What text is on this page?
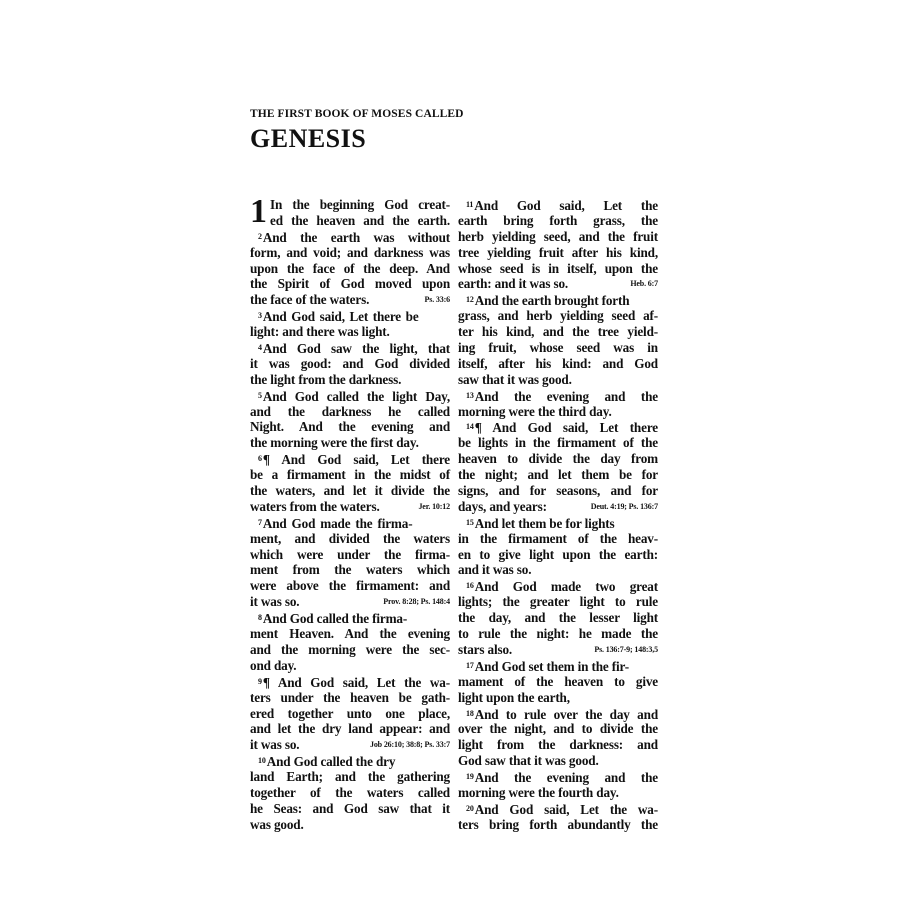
THE FIRST BOOK OF MOSES CALLED

GENESIS
1 In the beginning God creat-
ed the heaven and the earth.
$^2$And the earth was without
form, and void; and darkness was
upon the face of the deep. And
the Spirit of God moved upon
the face of the waters.	Ps. 33:6
$^3$And God said, Let there be
light: and there was light.
$^4$And God saw the light, that
it was good: and God divided
the light from the darkness.
$^5$And God called the light Day,
and the darkness he called
Night. And the evening and
the morning were the first day.
$^6$¶ And God said, Let there
be a firmament in the midst of
the waters, and let it divide the
waters from the waters.	Jer. 10:12
$^7$And God made the firma-
ment, and divided the waters
which were under the firma-
ment from the waters which
were above the firmament: and
it was so.	Prov. 8:28; Ps. 148:4
$^8$And God called the firma-
ment Heaven. And the evening
and the morning were the sec-
ond day.
$^9$¶ And God said, Let the wa-
ters under the heaven be gath-
ered together unto one place,
and let the dry land appear: and
it was so.	Job 26:10; 38:8; Ps. 33:7
$^{10}$And God called the dry
land Earth; and the gathering
together of the waters called
he Seas: and God saw that it
was good.
$^{11}$And God said, Let the
earth bring forth grass, the
herb yielding seed, and the fruit
tree yielding fruit after his kind,
whose seed is in itself, upon the
earth: and it was so.	Heb. 6:7
$^{12}$And the earth brought forth
grass, and herb yielding seed af-
ter his kind, and the tree yield-
ing fruit, whose seed was in
itself, after his kind: and God
saw that it was good.
$^{13}$And the evening and the
morning were the third day.
$^{14}$¶ And God said, Let there
be lights in the firmament of the
heaven to divide the day from
the night; and let them be for
signs, and for seasons, and for
days, and years:	Deut. 4:19; Ps. 136:7
$^{15}$And let them be for lights
in the firmament of the heav-
en to give light upon the earth:
and it was so.
$^{16}$And God made two great
lights; the greater light to rule
the day, and the lesser light
to rule the night: he made the
stars also.	Ps. 136:7-9; 148:3,5
$^{17}$And God set them in the fir-
mament of the heaven to give
light upon the earth,
$^{18}$And to rule over the day and
over the night, and to divide the
light from the darkness: and
God saw that it was good.
$^{19}$And the evening and the
morning were the fourth day.
$^{20}$And God said, Let the wa-
ters bring forth abundantly the
